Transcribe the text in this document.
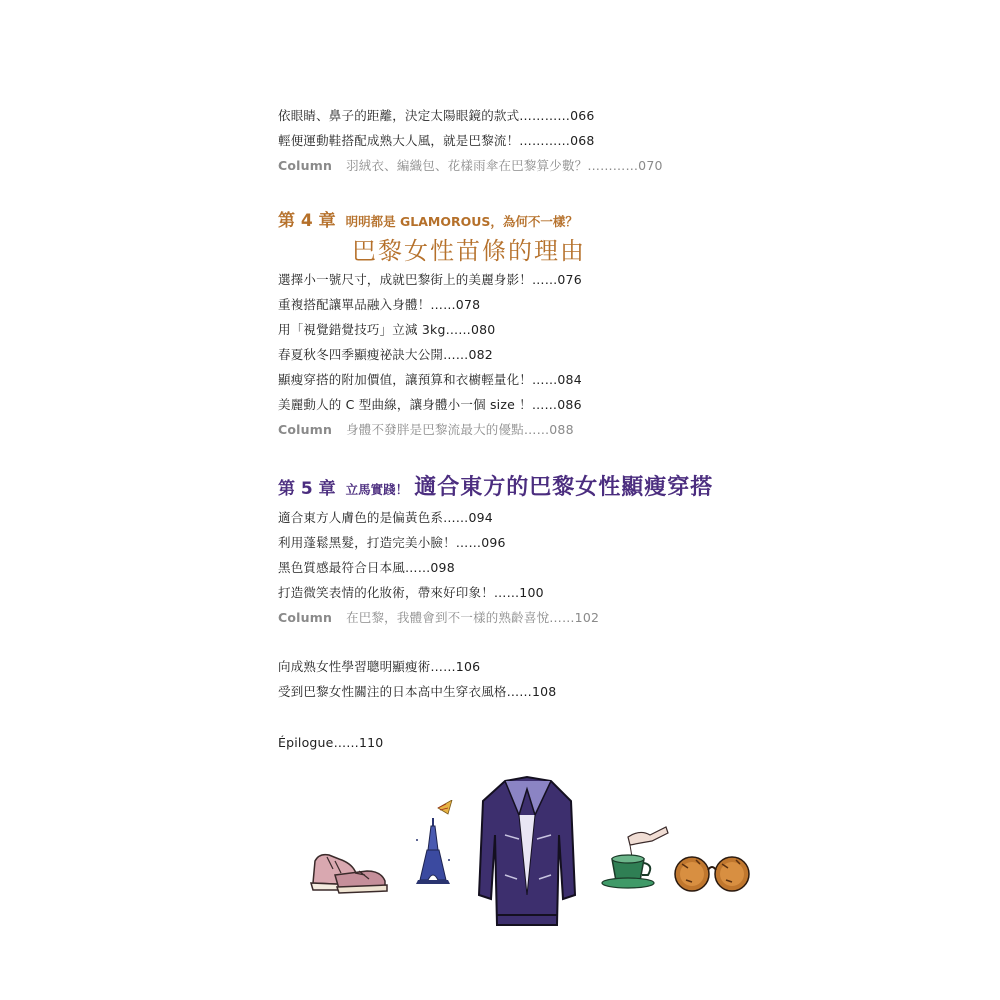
依眼睛、鼻子的距離，決定太陽眼鏡的款式…………066
輕便運動鞋搭配成熟大人風，就是巴黎流！…………068
Column 羽絨衣、編織包、花樣雨傘在巴黎算少數？…………070
第 4 章 明明都是 GLAMOROUS，為何不一樣？
巴黎女性苗條的理由
選擇小一號尺寸，成就巴黎街上的美麗身影！……076
重複搭配讓單品融入身體！……078
用「視覺錯覺技巧」立減 3kg……080
春夏秋冬四季顯瘦祕訣大公開……082
顯瘦穿搭的附加價值，讓預算和衣櫥輕量化！……084
美麗動人的 C 型曲線，讓身體小一個 size ！……086
Column 身體不發胖是巴黎流最大的優點……088
第 5 章 立馬實踐！ 適合東方的巴黎女性顯瘦穿搭
適合東方人膚色的是偏黃色系……094
利用蓬鬆黑髮，打造完美小臉！……096
黑色質感最符合日本風……098
打造微笑表情的化妝術，帶來好印象！……100
Column 在巴黎，我體會到不一樣的熟齡喜悅……102
向成熟女性學習聰明顯瘦術……106
受到巴黎女性關注的日本高中生穿衣風格……108
Épilogue……110
